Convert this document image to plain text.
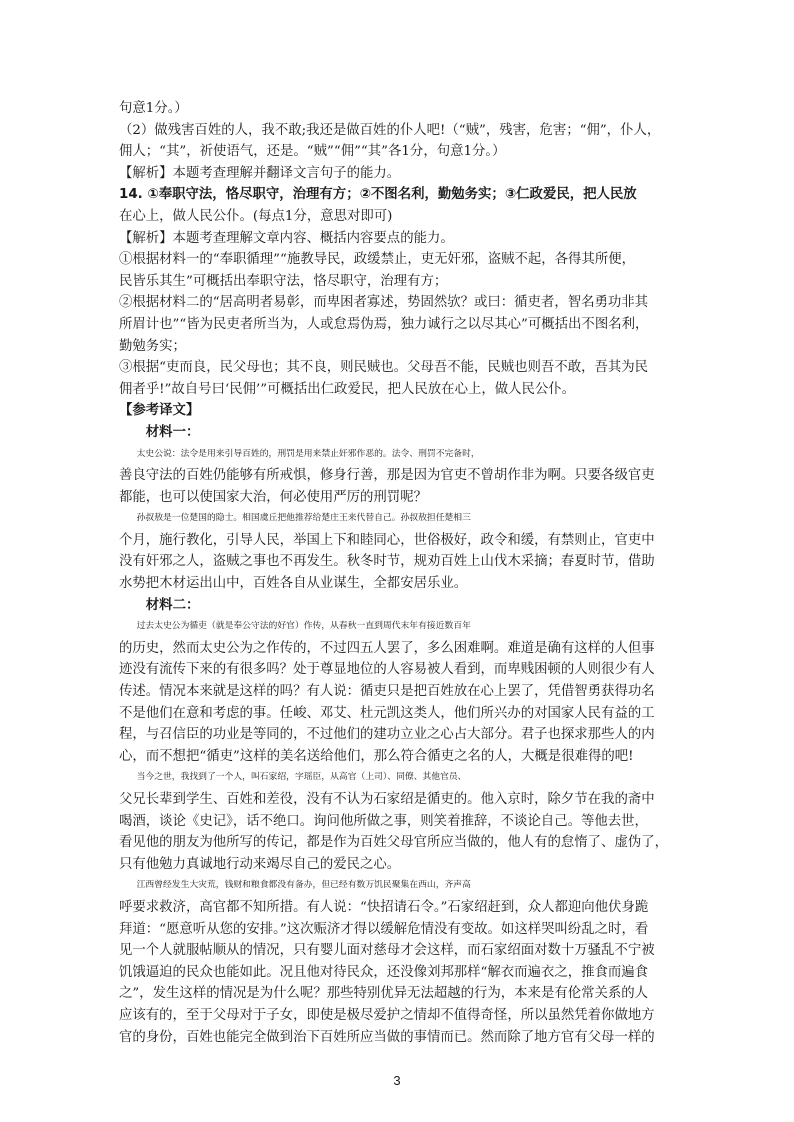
句意1分。）
（2）做残害百姓的人，我不敢;我还是做百姓的仆人吧!（“贼”，残害，危害；“佣”，仆人，
佣人；“其”，祈使语气，还是。“贼”“佣”“其”各1分，句意1分。）
【解析】本题考查理解并翻译文言句子的能力。
14. ①奉职守法，恪尽职守，治理有方；②不图名利，勤勉务实；③仁政爱民，把人民放
在心上，做人民公仆。(每点1分，意思对即可)
【解析】本题考查理解文章内容、概括内容要点的能力。
①根据材料一的“奉职循理”“施教导民，政缓禁止，吏无奸邪，盗贼不起，各得其所便，
民皆乐其生”可概括出奉职守法，恪尽职守，治理有方；
②根据材料二的“居高明者易彰，而卑困者寡述，势固然欤？或曰：循吏者，智名勇功非其
所眉计也”“皆为民吏者所当为，人或怠焉伪焉，独力诚行之以尽其心”可概括出不图名利，
勤勉务实；
③根据“吏而良，民父母也；其不良，则民贼也。父母吾不能，民贼也则吾不敢，吾其为民
佣者乎!”故自号曰‘民佣’”可概括出仁政爱民，把人民放在心上，做人民公仆。
【参考译文】
材料一：
太史公说：法令是用来引导百姓的，刑罚是用来禁止奸邪作恶的。法令、刑罚不完备时，
善良守法的百姓仍能够有所戒惧，修身行善，那是因为官吏不曾胡作非为啊。只要各级官吏
都能，也可以使国家大治，何必使用严厉的刑罚呢？
孙叔敖是一位楚国的隐士。相国虞丘把他推荐给楚庄王来代替自己。孙叔敖担任楚相三
个月，施行教化，引导人民，举国上下和睦同心，世俗极好，政令和缓，有禁则止，官吏中
没有奸邪之人，盗贼之事也不再发生。秋冬时节，规劝百姓上山伐木采摘；春夏时节，借助
水势把木材运出山中，百姓各自从业谋生，全都安居乐业。
材料二：
过去太史公为循吏（就是奉公守法的好官）作传，从春秋一直到周代末年有接近数百年
的历史，然而太史公为之作传的，不过四五人罢了，多么困难啊。难道是确有这样的人但事
迹没有流传下来的有很多吗？处于尊显地位的人容易被人看到，而卑贱困顿的人则很少有人
传述。情况本来就是这样的吗？有人说：循吏只是把百姓放在心上罢了，凭借智勇获得功名
不是他们在意和考虑的事。任峻、邓艾、杜元凯这类人，他们所兴办的对国家人民有益的工
程，与召信臣的功业是等同的，不过他们的建功立业之心占大部分。君子也探求那些人的内
心，而不想把“循吏”这样的美名送给他们，那么符合循吏之名的人，大概是很难得的吧!
当今之世，我找到了一个人，叫石家绍，字瑶臣，从高官（上司）、同僚、其他官员、
父兄长辈到学生、百姓和差役，没有不认为石家绍是循吏的。他入京时，除夕节在我的斋中
喝酒，谈论《史记》，话不绝口。询问他所做之事，则笑着推辞，不谈论自己。等他去世，
看见他的朋友为他所写的传记，都是作为百姓父母官所应当做的，他人有的怠惰了、虚伪了，
只有他勉力真诚地行动来竭尽自己的爱民之心。
江西曾经发生大灾荒，钱财和粮食都没有备办，但已经有数万饥民聚集在西山，齐声高
呼要求救济，高官都不知所措。有人说：“快招请石令。”石家绍赶到，众人都迎向他伏身跪
拜道：“愿意听从您的安排。”这次赈济才得以缓解危情没有变故。如这样哭叫纷乱之时，看
见一个人就服帖顺从的情况，只有婴儿面对慈母才会这样，而石家绍面对数十万骚乱不宁被
饥饿逼迫的民众也能如此。况且他对待民众，还没像刘邦那样“解衣而遍衣之，推食而遍食
之”，发生这样的情况是为什么呢？那些特别优异无法超越的行为，本来是有伦常关系的人
应该有的，至于父母对于子女，即使是极尽爱护之情却不值得奇怪，所以虽然凭着你做地方
官的身份，百姓也能完全做到治下百姓所应当做的事情而已。然而除了地方官有父母一样的
3
